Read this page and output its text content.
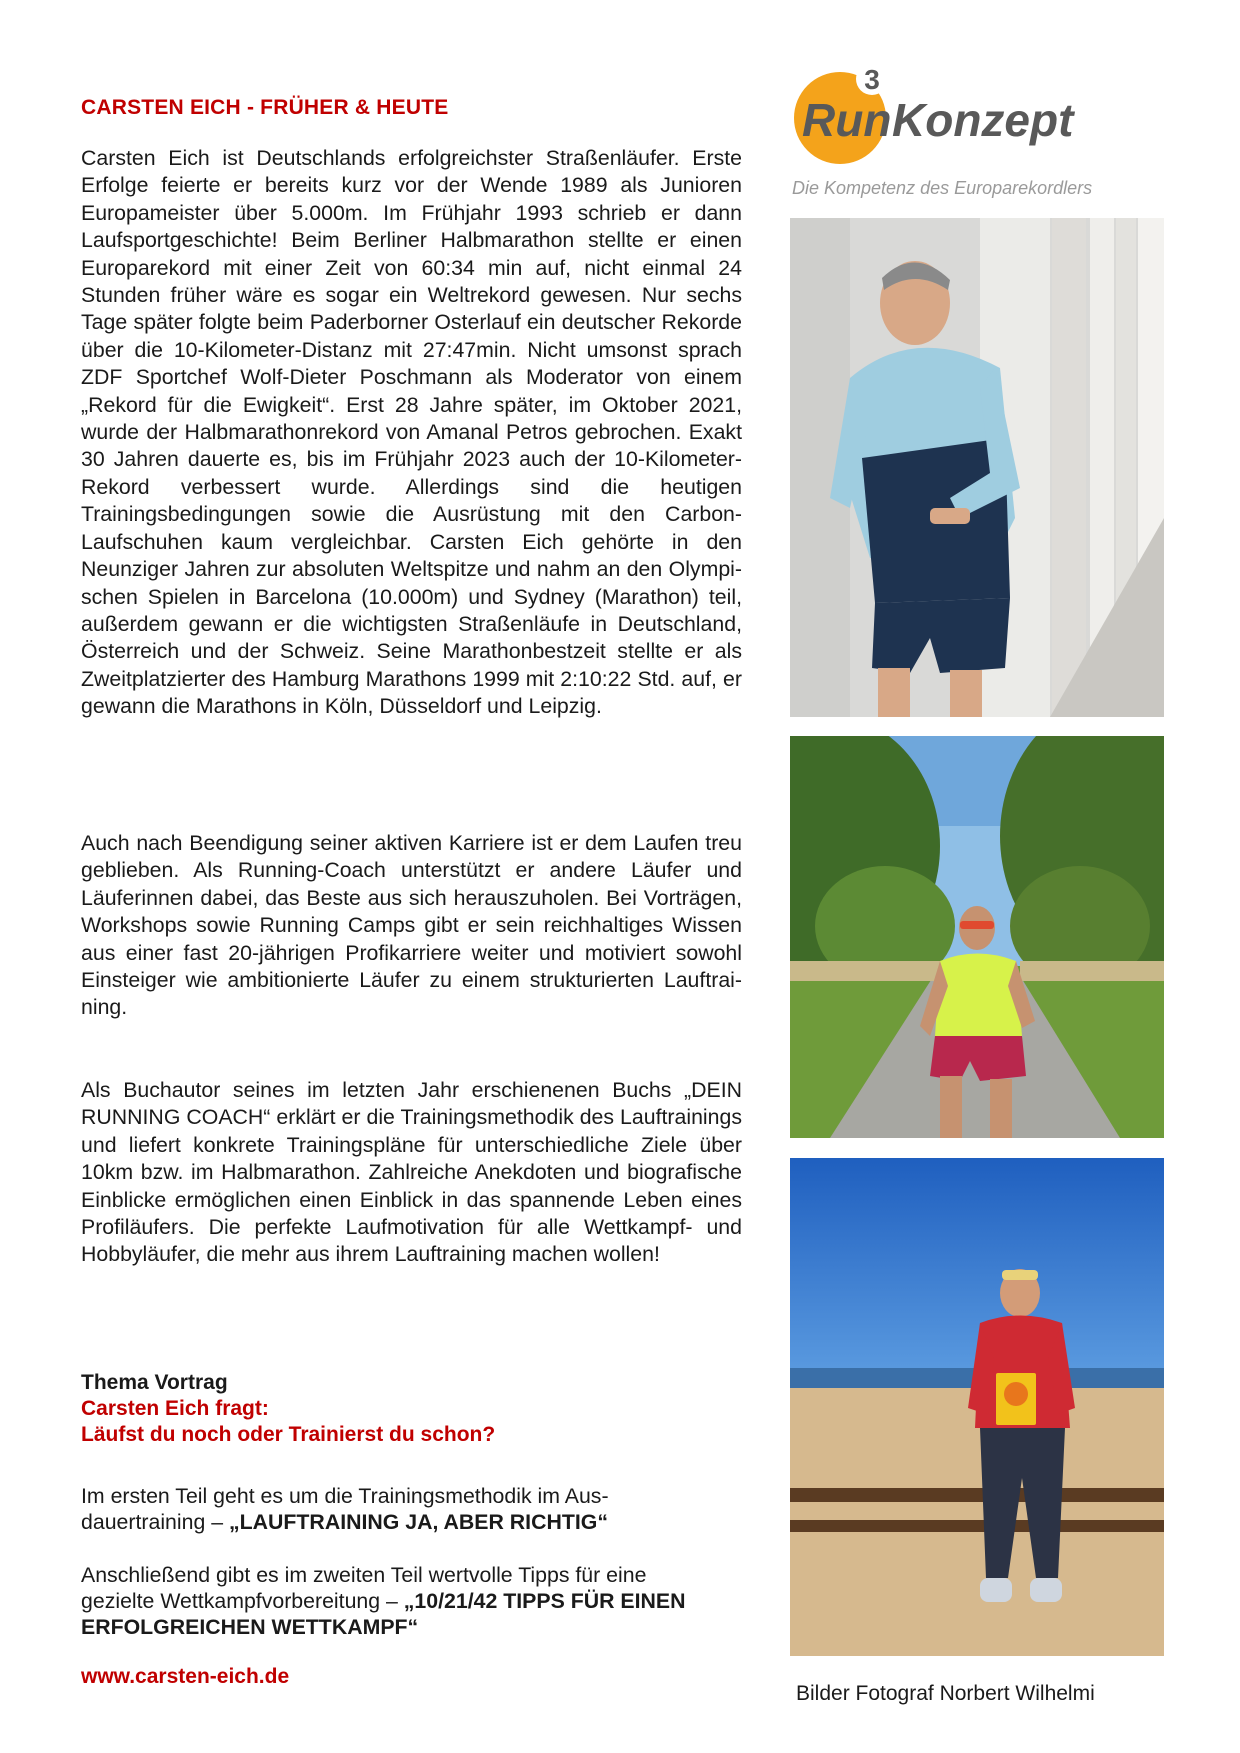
CARSTEN EICH - FRÜHER & HEUTE
3
Run Konzept

Die Kompetenz des Europarekordlers

Carsten Eich ist Deutschlands erfolgreichster Straßenläufer. Erste Erfolge feierte er bereits kurz vor der Wende 1989 als Junioren Europameister über 5.000m. Im Frühjahr 1993 schrieb er dann Laufsportgeschichte! Beim Berliner Halbmarathon stellte er einen Europarekord mit einer Zeit von 60:34 min auf, nicht einmal 24 Stunden früher wäre es sogar ein Weltrekord gewesen. Nur sechs Tage später folgte beim Paderborner Osterlauf ein deutscher Rekorde über die 10-Kilometer-Distanz mit 27:47min. Nicht umsonst sprach ZDF Sportchef Wolf-Dieter Poschmann als Moderator von einem „Rekord für die Ewigkeit“. Erst 28 Jahre später, im Oktober 2021, wurde der Halbmarathonrekord von Amanal Petros gebrochen. Exakt 30 Jahren dauerte es, bis im Frühjahr 2023 auch der 10-Kilometer-Rekord verbessert wurde. Allerdings sind die heutigen Trainingsbedingungen sowie die Ausrüstung mit den Carbon-Laufschuhen kaum vergleichbar. Carsten Eich gehörte in den Neunziger Jahren zur absoluten Weltspitze und nahm an den Olympischen Spielen in Barcelona (10.000m) und Sydney (Marathon) teil, außerdem gewann er die wichtigsten Straßenläufe in Deutschland, Österreich und der Schweiz. Seine Marathonbestzeit stellte er als Zweitplatzierter des Hamburg Marathons 1999 mit 2:10:22 Std. auf, er gewann die Marathons in Köln, Düsseldorf und Leipzig.

Auch nach Beendigung seiner aktiven Karriere ist er dem Laufen treu geblieben. Als Running-Coach unterstützt er andere Läufer und Läuferinnen dabei, das Beste aus sich herauszuholen. Bei Vorträgen, Workshops sowie Running Camps gibt er sein reichhaltiges Wissen aus einer fast 20-jährigen Profikarriere weiter und motiviert sowohl Einsteiger wie ambitionierte Läufer zu einem strukturierten Lauftraining.

Als Buchautor seines im letzten Jahr erschienenen Buchs „DEIN RUNNING COACH“ erklärt er die Trainingsmethodik des Lauftrainings und liefert konkrete Trainingspläne für unterschiedliche Ziele über 10km bzw. im Halbmarathon. Zahlreiche Anekdoten und biografische Einblicke ermöglichen einen Einblick in das spannende Leben eines Profiläufers. Die perfekte Laufmotivation für alle Wettkampf- und Hobbyläufer, die mehr aus ihrem Lauftraining machen wollen!

Thema Vortrag
Carsten Eich fragt:
Läufst du noch oder Trainierst du schon?

Im ersten Teil geht es um die Trainingsmethodik im Ausdauertraining – „LAUFTRAINING JA, ABER RICHTIG“

Anschließend gibt es im zweiten Teil wertvolle Tipps für eine gezielte Wettkampfvorbereitung – „10/21/42 TIPPS FÜR EINEN ERFOLGREICHEN WETTKAMPF“

www.carsten-eich.de

Bilder Fotograf Norbert Wilhelmi
